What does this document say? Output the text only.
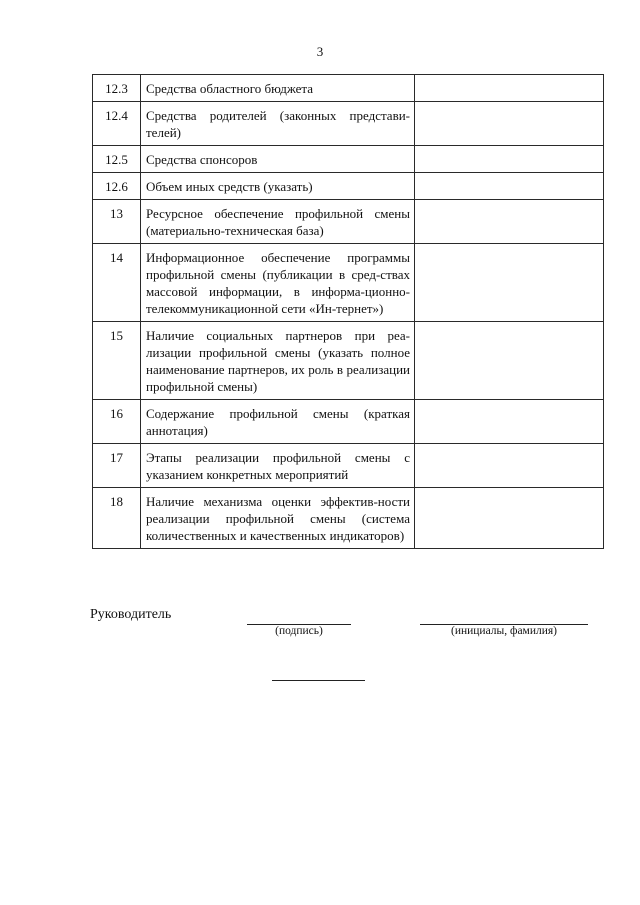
3
12.3	Средства областного бюджета	
12.4	Средства родителей (законных представи-телей)	
12.5	Средства спонсоров	
12.6	Объем иных средств (указать)	
13	Ресурсное обеспечение профильной смены (материально-техническая база)	
14	Информационное обеспечение программы профильной смены (публикации в сред-ствах массовой информации, в информа-ционно-телекоммуникационной сети «Ин-тернет»)	
15	Наличие социальных партнеров при реа-лизации профильной смены (указать полное наименование партнеров, их роль в реализации профильной смены)	
16	Содержание профильной смены (краткая аннотация)	
17	Этапы реализации профильной смены с указанием конкретных мероприятий	
18	Наличие механизма оценки эффектив-ности реализации профильной смены (система количественных и качественных индикаторов)	
Руководитель
(подпись)	(инициалы, фамилия)
